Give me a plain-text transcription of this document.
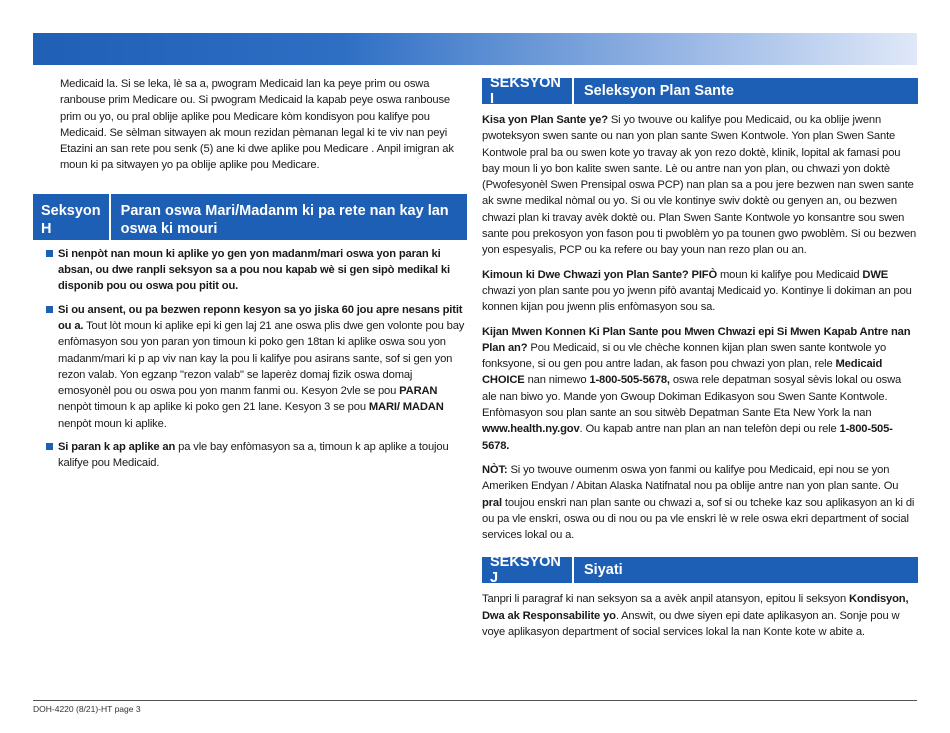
Medicaid la. Si se leka, lè sa a, pwogram Medicaid lan ka peye prim ou oswa ranbouse prim Medicare ou. Si pwogram Medicaid la kapab peye oswa ranbouse prim ou yo, ou pral oblije aplike pou Medicare kòm kondisyon pou kalifye pou Medicaid. Se sèlman sitwayen ak moun rezidan pèmanan legal ki te viv nan peyi Etazini an san rete pou senk (5) ane ki dwe aplike pou Medicare . Anpil imigran ak moun ki pa sitwayen yo pa oblije aplike pou Medicare.

Seksyon H
Paran oswa Mari/Madanm ki pa rete nan kay lan oswa ki mouri
Si nenpòt nan moun ki aplike yo gen yon madanm/mari oswa yon paran ki absan, ou dwe ranpli seksyon sa a pou nou kapab wè si gen sipò medikal ki disponib pou ou oswa pou pitit ou.
Si ou ansent, ou pa bezwen reponn kesyon sa yo jiska 60 jou apre nesans pitit ou a. Tout lòt moun ki aplike epi ki gen laj 21 ane oswa plis dwe gen volonte pou bay enfòmasyon sou yon paran yon timoun ki poko gen 18tan ki aplike oswa sou yon madanm/mari ki p ap viv nan kay la pou li kalifye pou asirans sante, sof si gen yon rezon valab. Yon egzanp "rezon valab" se laperèz domaj fizik oswa domaj emosyonèl pou ou oswa pou yon manm fanmi ou. Kesyon 2vle se pou PARAN nenpòt timoun k ap aplike ki poko gen 21 lane. Kesyon 3 se pou MARI/ MADAN nenpòt moun ki aplike.
Si paran k ap aplike an pa vle bay enfòmasyon sa a, timoun k ap aplike a toujou kalifye pou Medicaid.
SEKSYON I	Seleksyon Plan Sante

Kisa yon Plan Sante ye? Si yo twouve ou kalifye pou Medicaid, ou ka oblije jwenn pwoteksyon swen sante ou nan yon plan sante Swen Kontwole. Yon plan Swen Sante Kontwole pral ba ou swen kote yo travay ak yon rezo doktè, klinik, lopital ak famasi pou bay moun li yo bon kalite swen sante. Lè ou antre nan yon plan, ou chwazi yon doktè (Pwofesyonèl Swen Prensipal oswa PCP) nan plan sa a pou jere bezwen nan swen sante ak swne medikal nòmal ou yo. Si ou vle kontinye swiv doktè ou genyen an, ou bezwen chwazi plan ki travay avèk doktè ou. Plan Swen Sante Kontwole yo konsantre sou swen sante pou prekosyon yon fason pou ti pwoblèm yo pa tounen gwo pwoblèm. Si ou bezwen yon espesyalis, PCP ou ka refere ou bay youn nan rezo plan ou an.

Kimoun ki Dwe Chwazi yon Plan Sante? PIFÒ moun ki kalifye pou Medicaid DWE chwazi yon plan sante pou yo jwenn pifò avantaj Medicaid yo. Kontinye li dokiman an pou konnen kijan pou jwenn plis enfòmasyon sou sa.

Kijan Mwen Konnen Ki Plan Sante pou Mwen Chwazi epi Si Mwen Kapab Antre nan Plan an? Pou Medicaid, si ou vle chèche konnen kijan plan swen sante kontwole yo fonksyone, si ou gen pou antre ladan, ak fason pou chwazi yon plan, rele Medicaid CHOICE nan nimewo 1-800-505-5678, oswa rele depatman sosyal sèvis lokal ou oswa ale nan biwo yo. Mande yon Gwoup Dokiman Edikasyon sou Swen Sante Kontwole. Enfòmasyon sou plan sante an sou sitwèb Depatman Sante Eta New York la nan www.health.ny.gov. Ou kapab antre nan plan an nan telefòn depi ou rele 1-800-505-5678.

NÒT: Si yo twouve oumenm oswa yon fanmi ou kalifye pou Medicaid, epi nou se yon Ameriken Endyan / Abitan Alaska Natifnatal nou pa oblije antre nan yon plan sante. Ou pral toujou enskri nan plan sante ou chwazi a, sof si ou tcheke kaz sou aplikasyon an ki di ou pa vle enskri, oswa ou di nou ou pa vle enskri lè w rele oswa ekri department of social services lokal ou a.

SEKSYON J	Siyati

Tanpri li paragraf ki nan seksyon sa a avèk anpil atansyon, epitou li seksyon Kondisyon, Dwa ak Responsabilite yo. Answit, ou dwe siyen epi date aplikasyon an. Sonje pou w voye aplikasyon department of social services lokal la nan Konte kote w abite a.

DOH-4220 (8/21)-HT page 3
